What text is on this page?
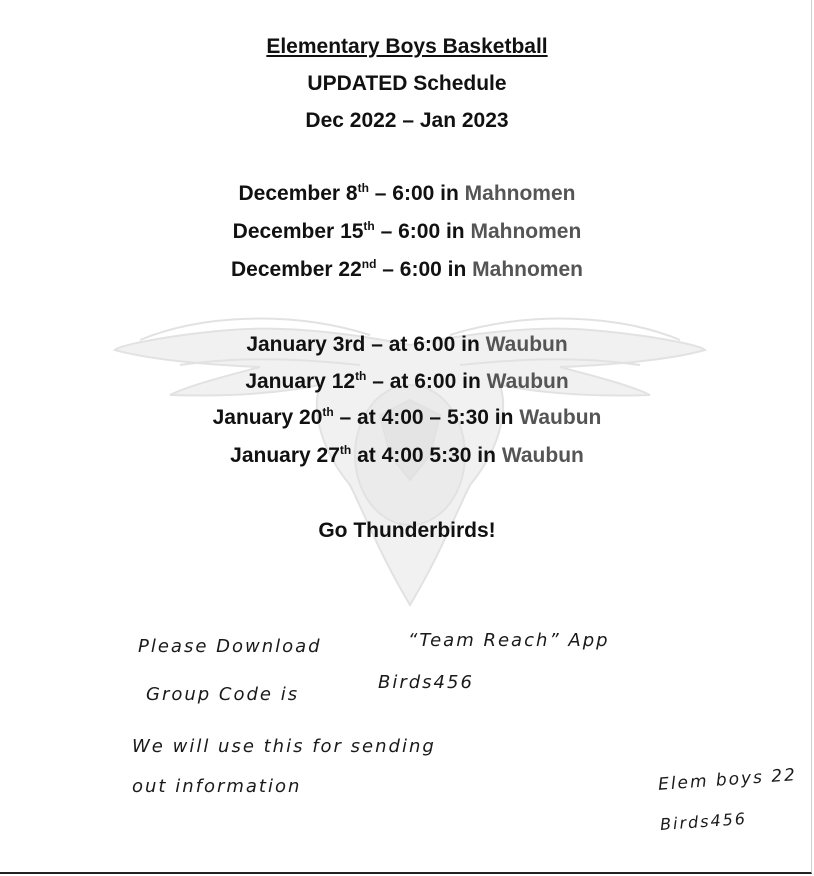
Elementary Boys Basketball
UPDATED Schedule
Dec 2022 – Jan 2023
December 8th – 6:00 in Mahnomen
December 15th – 6:00 in Mahnomen
December 22nd – 6:00 in Mahnomen
January 3rd – at 6:00 in Waubun
January 12th – at 6:00 in Waubun
January 20th – at 4:00 – 5:30 in Waubun
January 27th at 4:00 5:30 in Waubun
Go Thunderbirds!
Please Download	“Team Reach” App
Group Code is
Birds456
We will use this for sending
out information	Elem boys 22
Birds456
